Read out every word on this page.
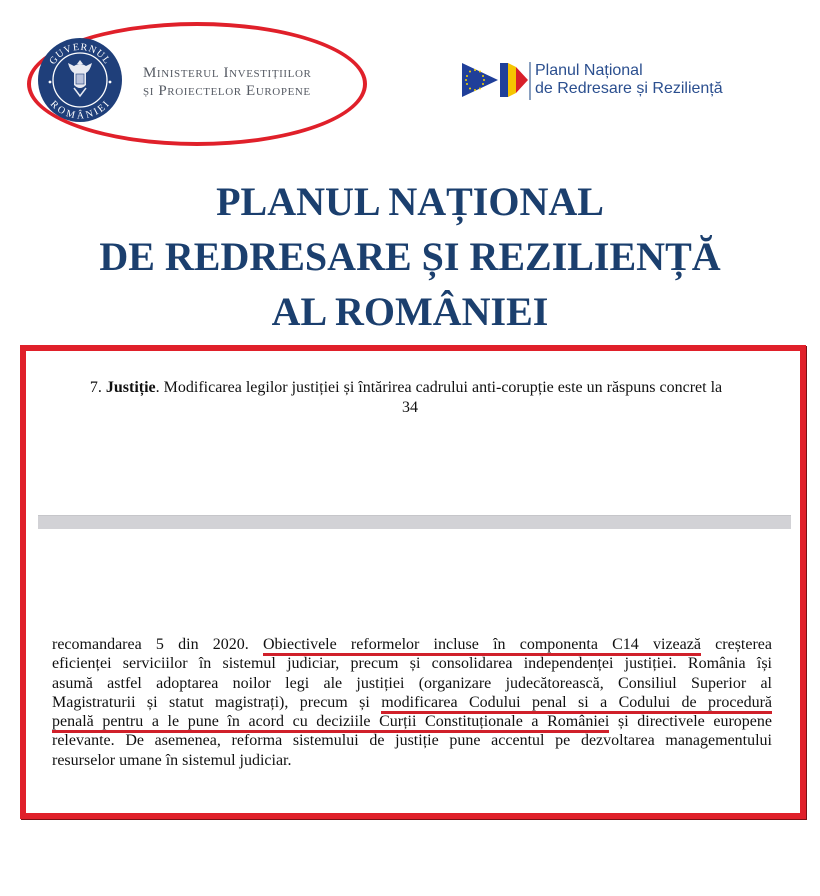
GUVERNUL
ROMÂNIEI
Ministerul Investițiilor
și Proiectelor Europene
Planul Național
de Redresare și Reziliență
PLANUL NAȚIONAL
DE REDRESARE ȘI REZILIENȚĂ
AL ROMÂNIEI
7. Justiție. Modificarea legilor justiției și întărirea cadrului anti-corupție este un răspuns concret la
34
recomandarea 5 din 2020. Obiectivele reformelor incluse în componenta C14 vizează creșterea
eficienței serviciilor în sistemul judiciar, precum și consolidarea independenței justiției. România își
asumă astfel adoptarea noilor legi ale justiției (organizare judecătorească, Consiliul Superior al
Magistraturii și statut magistrați), precum și modificarea Codului penal si a Codului de procedură
penală pentru a le pune în acord cu deciziile Curții Constituționale a României și directivele europene
relevante. De asemenea, reforma sistemului de justiție pune accentul pe dezvoltarea managementului
resurselor umane în sistemul judiciar.
